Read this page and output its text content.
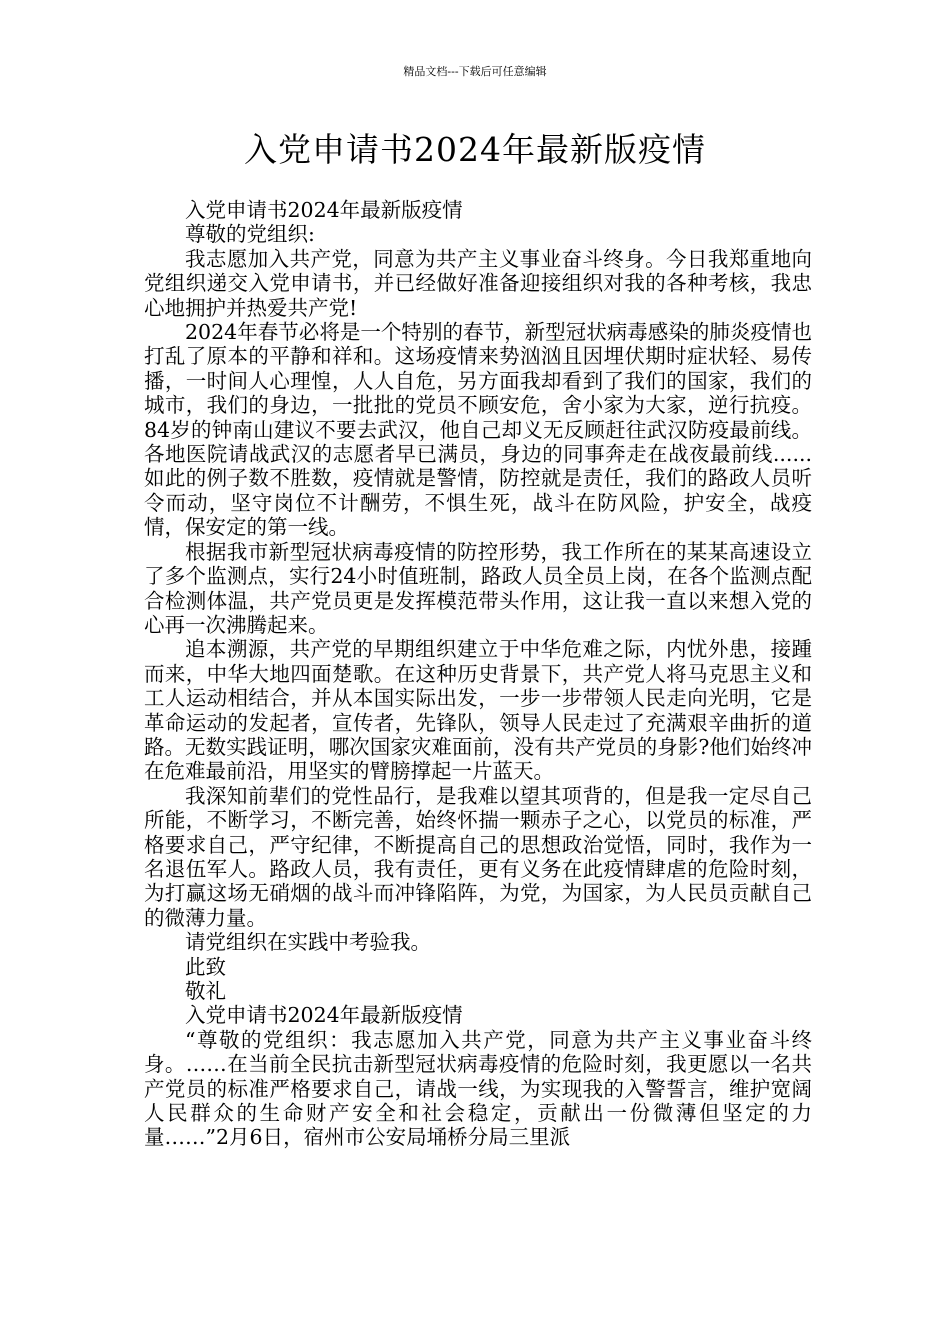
精品文档---下载后可任意编辑
入党申请书2024年最新版疫情

入党申请书2024年最新版疫情

尊敬的党组织:

我志愿加入共产党，同意为共产主义事业奋斗终身。今日我郑重地向党组织递交入党申请书，并已经做好准备迎接组织对我的各种考核，我忠心地拥护并热爱共产党!

2024年春节必将是一个特别的春节，新型冠状病毒感染的肺炎疫情也打乱了原本的平静和祥和。这场疫情来势汹汹且因埋伏期时症状轻、易传播，一时间人心理惶，人人自危，另方面我却看到了我们的国家，我们的城市，我们的身边，一批批的党员不顾安危，舍小家为大家，逆行抗疫。84岁的钟南山建议不要去武汉，他自己却义无反顾赶往武汉防疫最前线。各地医院请战武汉的志愿者早已满员，身边的同事奔走在战夜最前线......如此的例子数不胜数，疫情就是警情，防控就是责任，我们的路政人员听令而动，坚守岗位不计酬劳，不惧生死，战斗在防风险，护安全，战疫情，保安定的第一线。

根据我市新型冠状病毒疫情的防控形势，我工作所在的某某高速设立了多个监测点，实行24小时值班制，路政人员全员上岗，在各个监测点配合检测体温，共产党员更是发挥模范带头作用，这让我一直以来想入党的心再一次沸腾起来。

追本溯源，共产党的早期组织建立于中华危难之际，内忧外患，接踵而来，中华大地四面楚歌。在这种历史背景下，共产党人将马克思主义和工人运动相结合，并从本国实际出发，一步一步带领人民走向光明，它是革命运动的发起者，宣传者，先锋队，领导人民走过了充满艰辛曲折的道路。无数实践证明，哪次国家灾难面前，没有共产党员的身影?他们始终冲在危难最前沿，用坚实的臂膀撑起一片蓝天。

我深知前辈们的党性品行，是我难以望其项背的，但是我一定尽自己所能，不断学习，不断完善，始终怀揣一颗赤子之心，以党员的标准，严格要求自己，严守纪律，不断提高自己的思想政治觉悟，同时，我作为一名退伍军人。路政人员，我有责任，更有义务在此疫情肆虐的危险时刻，为打赢这场无硝烟的战斗而冲锋陷阵，为党，为国家，为人民员贡献自己的微薄力量。

请党组织在实践中考验我。

此致

敬礼

入党申请书2024年最新版疫情

“尊敬的党组织：我志愿加入共产党，同意为共产主义事业奋斗终身。……在当前全民抗击新型冠状病毒疫情的危险时刻，我更愿以一名共产党员的标准严格要求自己，请战一线，为实现我的入警誓言，维护宽阔人民群众的生命财产安全和社会稳定，贡献出一份微薄但坚定的力量……”2月6日，宿州市公安局埇桥分局三里派
